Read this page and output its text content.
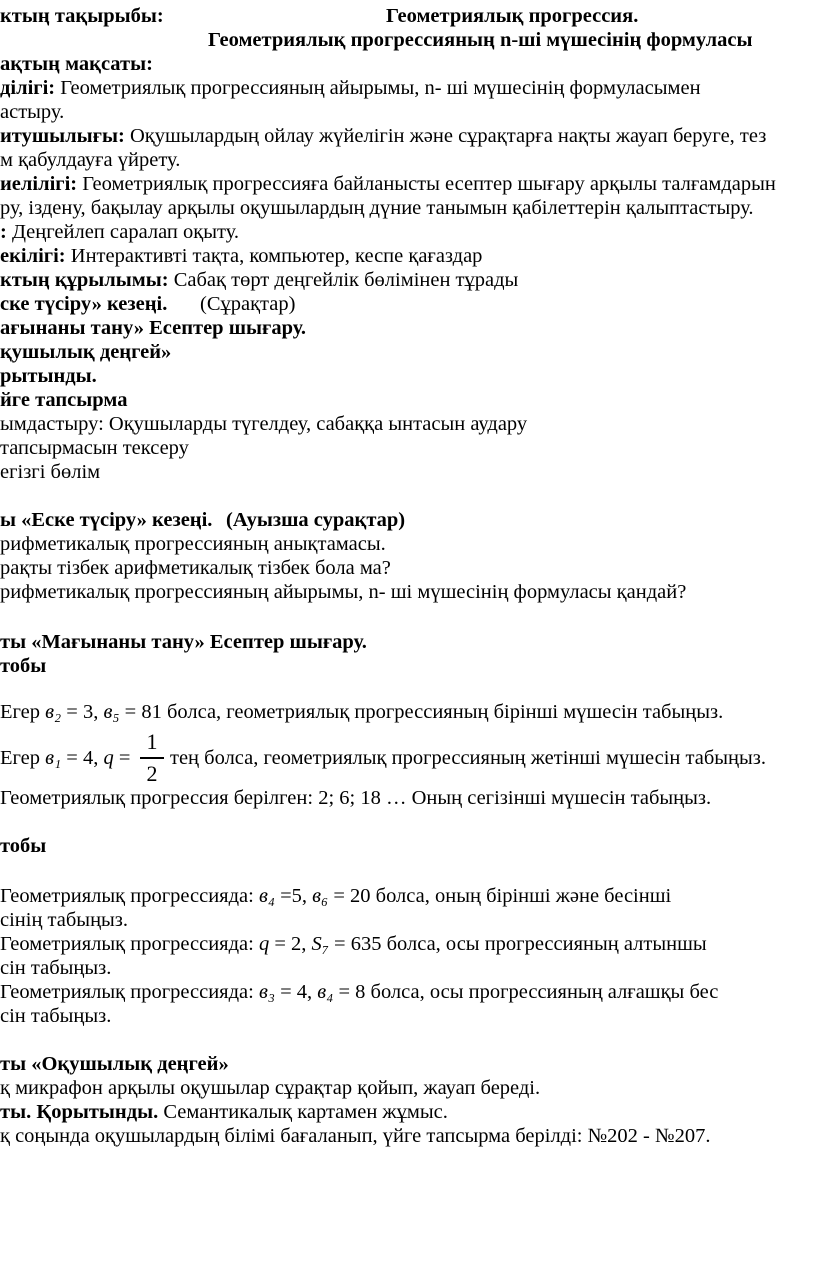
ктың тақырыбы:	Геометриялық прогрессия.
Геометриялық прогрессияның n-ші мүшесінің формуласы
ақтың мақсаты:
ділігі: Геометриялық прогрессияның айырымы, n- ші мүшесінің формуласымен
астыру.
итушылығы: Оқушылардың ойлау жүйелігін және сұрақтарға нақты жауап беруге, тез
м қабулдауға үйрету.
иелілігі: Геометриялық прогрессияға байланысты есептер шығару арқылы талғамдарын
ру, іздену, бақылау арқылы оқушылардың дүние танымын қабілеттерін қалыптастыру.
: Деңгейлеп саралап оқыту.
екілігі: Интерактивті тақта, компьютер, кеспе қағаздар
ктың құрылымы: Сабақ төрт деңгейлік бөлімінен тұрады
ске түсіру» кезеңі. (Сұрақтар)
ағынаны тану» Есептер шығару.
қушылық деңгей»
рытынды.
йге тапсырма
ымдастыру: Оқушыларды түгелдеу, сабаққа ынтасын аудару
тапсырмасын тексеру
егізгі бөлім
ы «Еске түсіру» кезеңі. (Ауызша сурақтар)
рифметикалық прогрессияның анықтамасы.
рақты тізбек арифметикалық тізбек бола ма?
рифметикалық прогрессияның айырымы, n- ші мүшесінің формуласы қандай?
ты «Мағынаны тану» Есептер шығару.
тобы
Егер в₂ = 3, в₅ = 81 болса, геометриялық прогрессияның бірінші мүшесін табыңыз.
Егер в₁ = 4, q =
1
2
тең болса, геометриялық прогрессияның жетінші мүшесін табыңыз.
Геометриялық прогрессия берілген: 2; 6; 18 … Оның сегізінші мүшесін табыңыз.
тобы
Геометриялық прогрессияда: в₄ =5, в₆ = 20 болса, оның бірінші және бесінші
сінің табыңыз.
Геометриялық прогрессияда: q = 2, S₇ = 635 болса, осы прогрессияның алтыншы
сін табыңыз.
Геометриялық прогрессияда: в₃ = 4, в₄ = 8 болса, осы прогрессияның алғашқы бес
сін табыңыз.
ты «Оқушылық деңгей»
қ микрафон арқылы оқушылар сұрақтар қойып, жауап береді.
ты. Қорытынды. Семантикалық картамен жұмыс.
қ соңында оқушылардың білімі бағаланып, үйге тапсырма берілді: №202 - №207.
